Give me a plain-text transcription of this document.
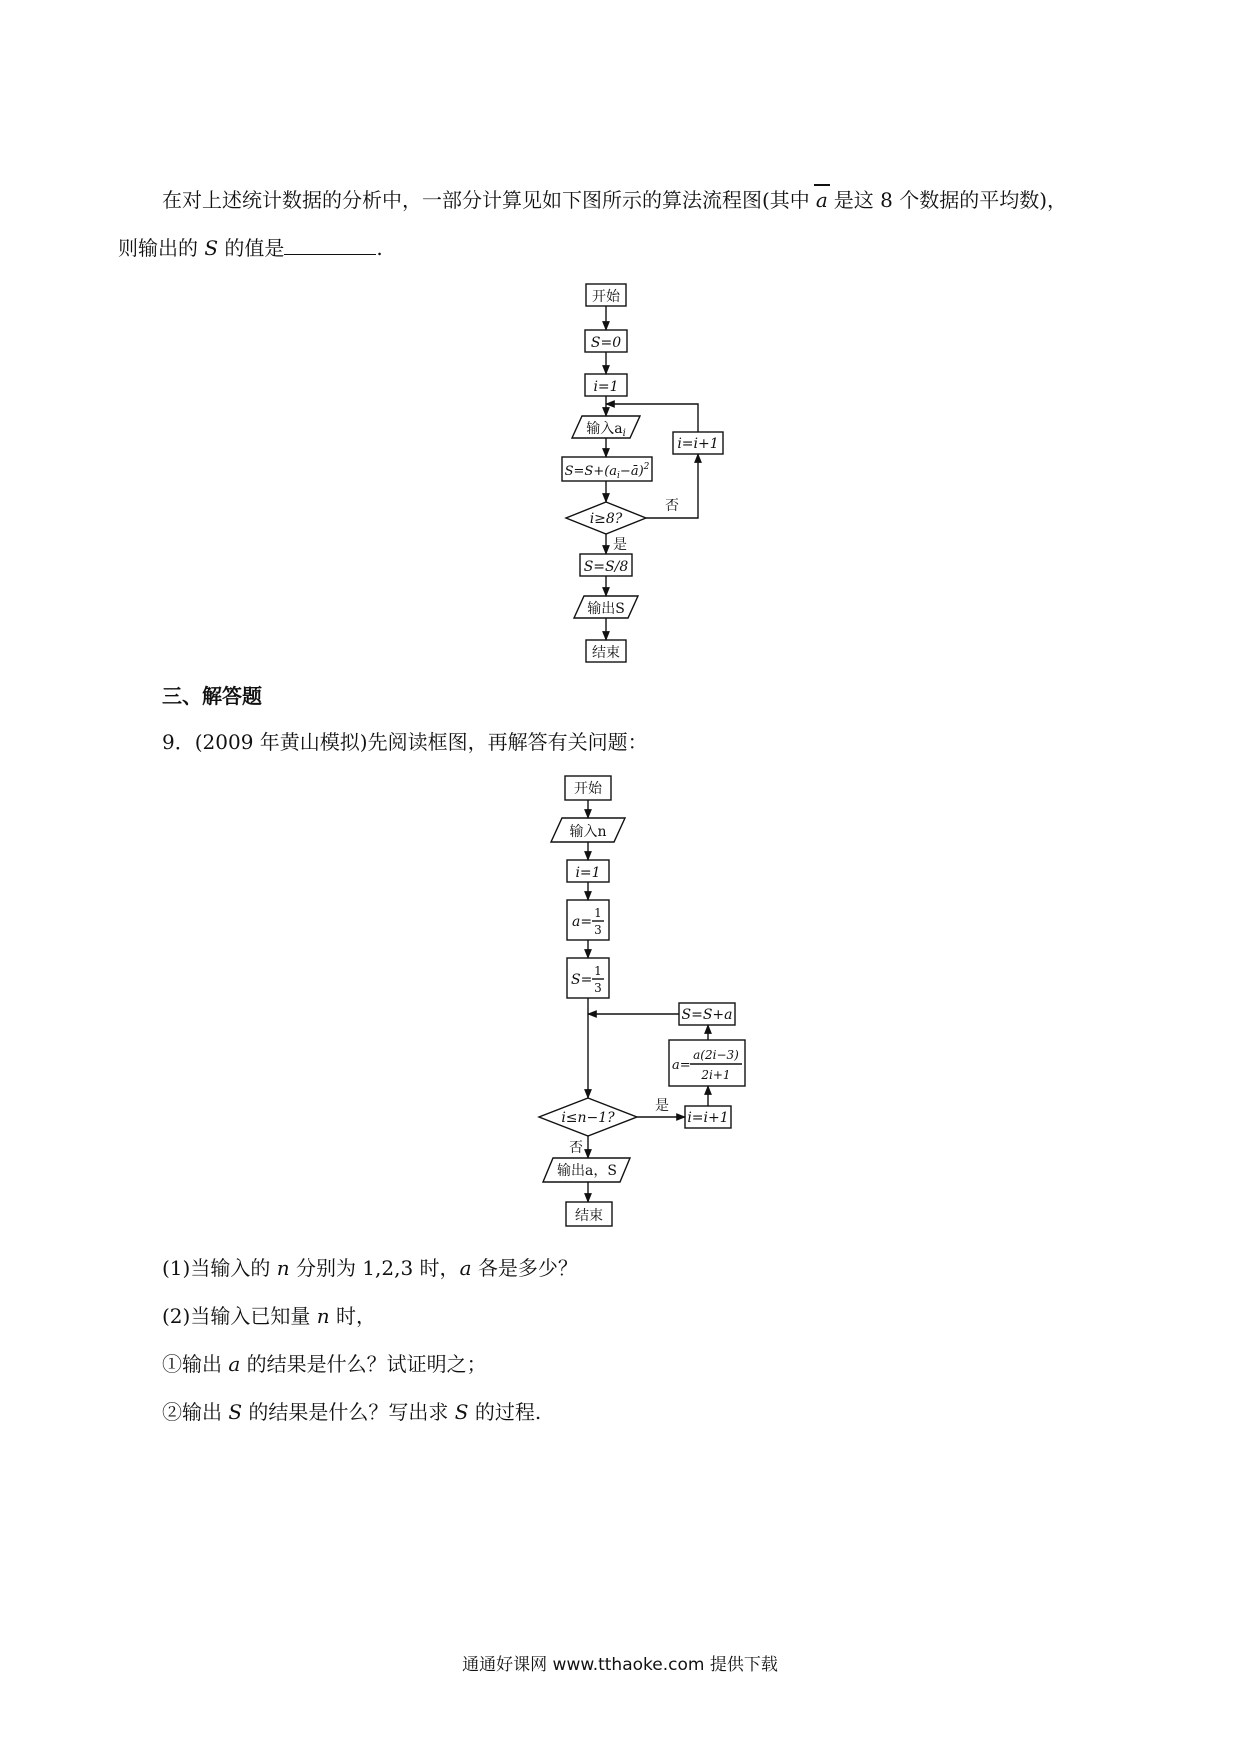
在对上述统计数据的分析中，一部分计算见如下图所示的算法流程图(其中 a 是这 8 个数据的平均数)，
则输出的 S 的值是	.
开始
S=0
i=1
输入$a_i$
$S=S+(a_i-ā)^2$
i≥8?
i=i+1
否
是
S=S/8
输出S
结束
三、解答题
9．(2009 年黄山模拟)先阅读框图，再解答有关问题：
开始
输入n
i=1
a=
1
3
S=
1
3
S=S+a
a=
a(2i−3)
2i+1
i≤n−1?
是
i=i+1
否
输出a，S
结束
(1)当输入的 n 分别为 1,2,3 时，a 各是多少？
(2)当输入已知量 n 时，
①输出 a 的结果是什么？试证明之；
②输出 S 的结果是什么？写出求 S 的过程.
通通好课网 www.tthaoke.com 提供下载
